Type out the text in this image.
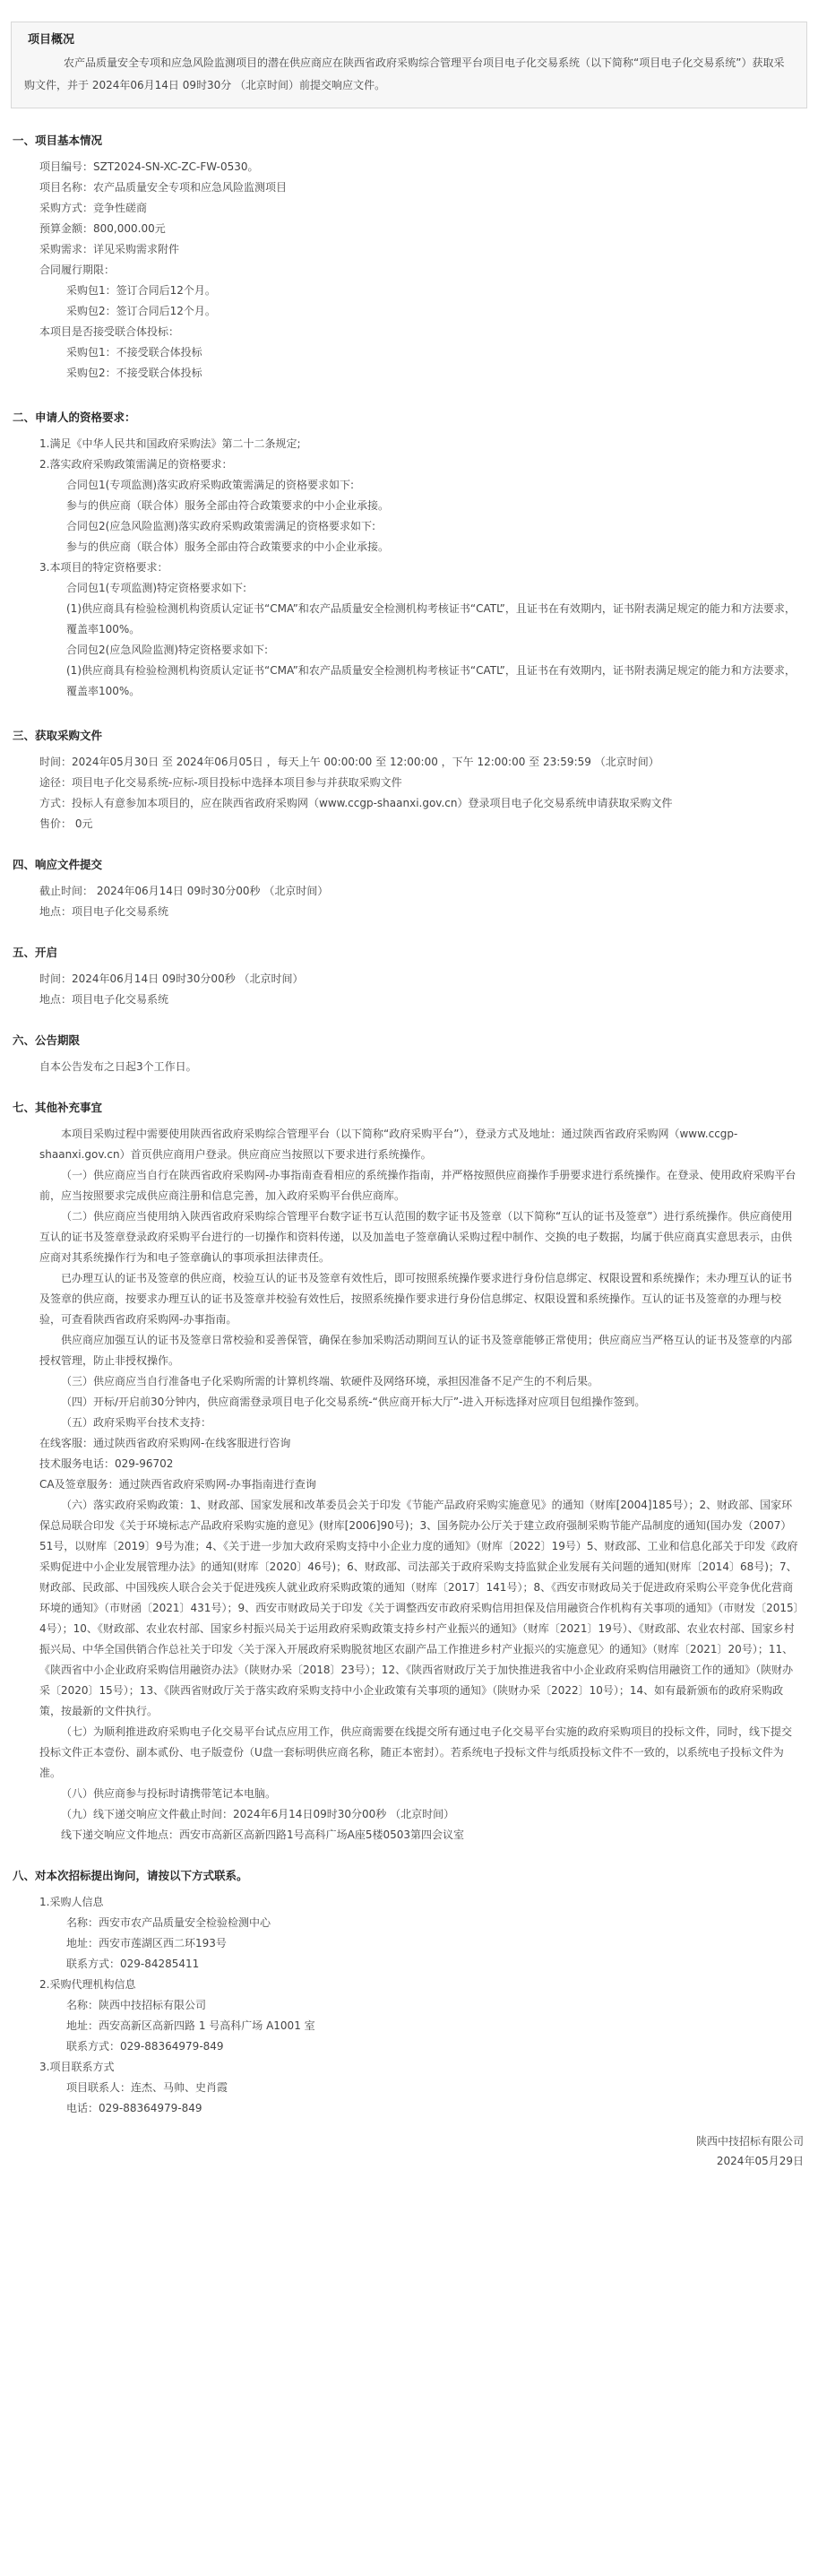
项目概况
农产品质量安全专项和应急风险监测项目的潜在供应商应在陕西省政府采购综合管理平台项目电子化交易系统（以下简称“项目电子化交易系统”）获取采购文件，并于 2024年06月14日 09时30分 （北京时间）前提交响应文件。
一、项目基本情况
项目编号：SZT2024-SN-XC-ZC-FW-0530。
项目名称：农产品质量安全专项和应急风险监测项目
采购方式：竞争性磋商
预算金额：800,000.00元
采购需求：详见采购需求附件
合同履行期限：
采购包1：签订合同后12个月。
采购包2：签订合同后12个月。
本项目是否接受联合体投标：
采购包1：不接受联合体投标
采购包2：不接受联合体投标
二、申请人的资格要求：
1.满足《中华人民共和国政府采购法》第二十二条规定;
2.落实政府采购政策需满足的资格要求：
合同包1(专项监测)落实政府采购政策需满足的资格要求如下:
参与的供应商（联合体）服务全部由符合政策要求的中小企业承接。
合同包2(应急风险监测)落实政府采购政策需满足的资格要求如下:
参与的供应商（联合体）服务全部由符合政策要求的中小企业承接。
3.本项目的特定资格要求：
合同包1(专项监测)特定资格要求如下:
(1)供应商具有检验检测机构资质认定证书“CMA”和农产品质量安全检测机构考核证书“CATL”，且证书在有效期内，证书附表满足规定的能力和方法要求，覆盖率100%。
合同包2(应急风险监测)特定资格要求如下:
(1)供应商具有检验检测机构资质认定证书“CMA”和农产品质量安全检测机构考核证书“CATL”，且证书在有效期内，证书附表满足规定的能力和方法要求，覆盖率100%。
三、获取采购文件
时间：2024年05月30日 至 2024年06月05日 ，每天上午 00:00:00 至 12:00:00 ，下午 12:00:00 至 23:59:59 （北京时间）
途径：项目电子化交易系统-应标-项目投标中选择本项目参与并获取采购文件
方式：投标人有意参加本项目的，应在陕西省政府采购网（www.ccgp-shaanxi.gov.cn）登录项目电子化交易系统申请获取采购文件
售价： 0元
四、响应文件提交
截止时间： 2024年06月14日 09时30分00秒 （北京时间）
地点：项目电子化交易系统
五、开启
时间：2024年06月14日 09时30分00秒 （北京时间）
地点：项目电子化交易系统
六、公告期限
自本公告发布之日起3个工作日。
七、其他补充事宜
本项目采购过程中需要使用陕西省政府采购综合管理平台（以下简称“政府采购平台”），登录方式及地址：通过陕西省政府采购网（www.ccgp-shaanxi.gov.cn）首页供应商用户登录。供应商应当按照以下要求进行系统操作。
（一）供应商应当自行在陕西省政府采购网-办事指南查看相应的系统操作指南，并严格按照供应商操作手册要求进行系统操作。在登录、使用政府采购平台前，应当按照要求完成供应商注册和信息完善，加入政府采购平台供应商库。
（二）供应商应当使用纳入陕西省政府采购综合管理平台数字证书互认范围的数字证书及签章（以下简称“互认的证书及签章”）进行系统操作。供应商使用互认的证书及签章登录政府采购平台进行的一切操作和资料传递，以及加盖电子签章确认采购过程中制作、交换的电子数据，均属于供应商真实意思表示，由供应商对其系统操作行为和电子签章确认的事项承担法律责任。
已办理互认的证书及签章的供应商，校验互认的证书及签章有效性后，即可按照系统操作要求进行身份信息绑定、权限设置和系统操作；未办理互认的证书及签章的供应商，按要求办理互认的证书及签章并校验有效性后，按照系统操作要求进行身份信息绑定、权限设置和系统操作。互认的证书及签章的办理与校验，可查看陕西省政府采购网-办事指南。
供应商应加强互认的证书及签章日常校验和妥善保管，确保在参加采购活动期间互认的证书及签章能够正常使用；供应商应当严格互认的证书及签章的内部授权管理，防止非授权操作。
（三）供应商应当自行准备电子化采购所需的计算机终端、软硬件及网络环境，承担因准备不足产生的不利后果。
（四）开标/开启前30分钟内，供应商需登录项目电子化交易系统-“供应商开标大厅”-进入开标选择对应项目包组操作签到。
（五）政府采购平台技术支持：
在线客服：通过陕西省政府采购网-在线客服进行咨询
技术服务电话：029-96702
CA及签章服务：通过陕西省政府采购网-办事指南进行查询
（六）落实政府采购政策：1、财政部、国家发展和改革委员会关于印发《节能产品政府采购实施意见》的通知（财库[2004]185号）；2、财政部、国家环保总局联合印发《关于环境标志产品政府采购实施的意见》(财库[2006]90号)；3、国务院办公厅关于建立政府强制采购节能产品制度的通知(国办发（2007）51号，以财库〔2019〕9号为准；4、《关于进一步加大政府采购支持中小企业力度的通知》（财库〔2022〕19号）5、财政部、工业和信息化部关于印发《政府采购促进中小企业发展管理办法》的通知(财库〔2020〕46号)；6、财政部、司法部关于政府采购支持监狱企业发展有关问题的通知(财库〔2014〕68号)；7、财政部、民政部、中国残疾人联合会关于促进残疾人就业政府采购政策的通知（财库〔2017〕141号）；8、《西安市财政局关于促进政府采购公平竞争优化营商环境的通知》（市财函〔2021〕431号）；9、西安市财政局关于印发《关于调整西安市政府采购信用担保及信用融资合作机构有关事项的通知》（市财发〔2015〕4号）；10、《财政部、农业农村部、国家乡村振兴局关于运用政府采购政策支持乡村产业振兴的通知》（财库〔2021〕19号）、《财政部、农业农村部、国家乡村振兴局、中华全国供销合作总社关于印发〈关于深入开展政府采购脱贫地区农副产品工作推进乡村产业振兴的实施意见〉的通知》（财库〔2021〕20号）；11、《陕西省中小企业政府采购信用融资办法》（陕财办采〔2018〕23号）；12、《陕西省财政厅关于加快推进我省中小企业政府采购信用融资工作的通知》（陕财办采〔2020〕15号）；13、《陕西省财政厅关于落实政府采购支持中小企业政策有关事项的通知》（陕财办采〔2022〕10号）；14、如有最新颁布的政府采购政策，按最新的文件执行。
（七）为顺利推进政府采购电子化交易平台试点应用工作，供应商需要在线提交所有通过电子化交易平台实施的政府采购项目的投标文件，同时，线下提交投标文件正本壹份、副本贰份、电子版壹份（U盘一套标明供应商名称，随正本密封）。若系统电子投标文件与纸质投标文件不一致的，以系统电子投标文件为准。
（八）供应商参与投标时请携带笔记本电脑。
（九）线下递交响应文件截止时间：2024年6月14日09时30分00秒 （北京时间）
线下递交响应文件地点：西安市高新区高新四路1号高科广场A座5楼0503第四会议室
八、对本次招标提出询问，请按以下方式联系。
1.采购人信息
名称：西安市农产品质量安全检验检测中心
地址：西安市莲湖区西二环193号
联系方式：029-84285411
2.采购代理机构信息
名称：陕西中技招标有限公司
地址：西安高新区高新四路 1 号高科广场 A1001 室
联系方式：029-88364979-849
3.项目联系方式
项目联系人：连杰、马帅、史肖霞
电话：029-88364979-849
陕西中技招标有限公司
2024年05月29日
